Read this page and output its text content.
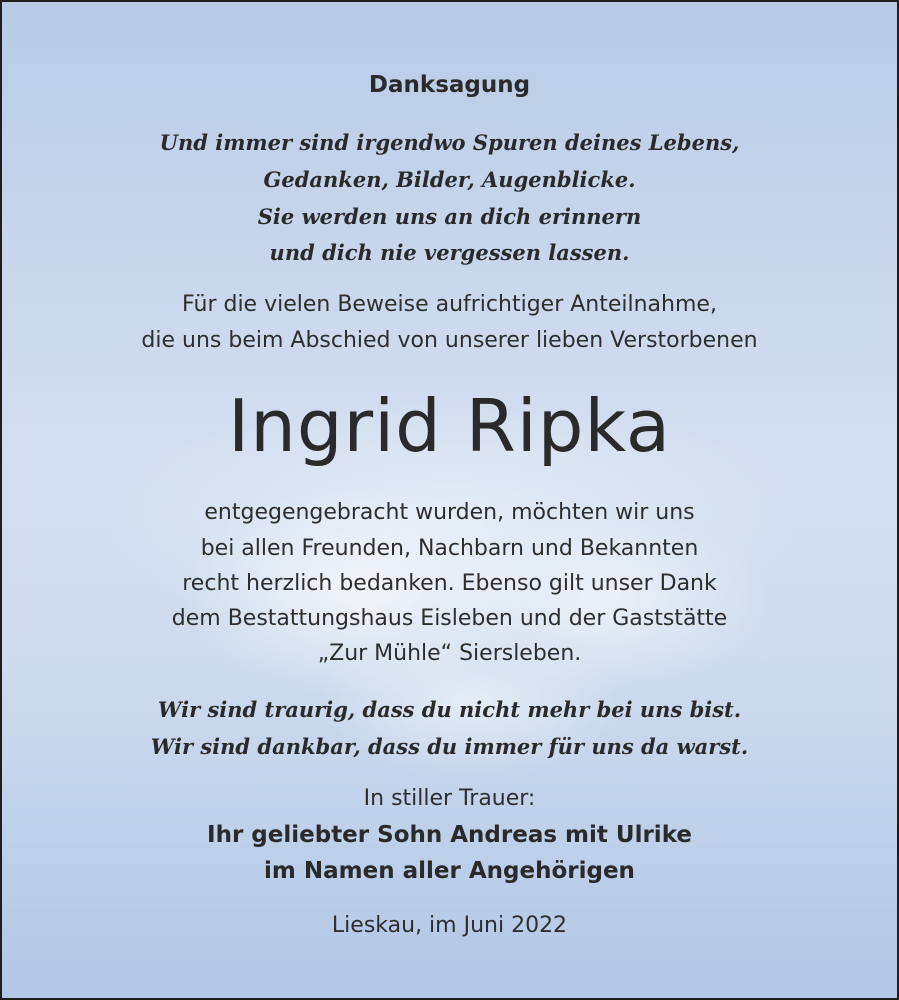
Danksagung
Und immer sind irgendwo Spuren deines Lebens,
Gedanken, Bilder, Augenblicke.
Sie werden uns an dich erinnern
und dich nie vergessen lassen.
Für die vielen Beweise aufrichtiger Anteilnahme,
die uns beim Abschied von unserer lieben Verstorbenen
Ingrid Ripka
entgegengebracht wurden, möchten wir uns
bei allen Freunden, Nachbarn und Bekannten
recht herzlich bedanken. Ebenso gilt unser Dank
dem Bestattungshaus Eisleben und der Gaststätte
„Zur Mühle“ Siersleben.
Wir sind traurig, dass du nicht mehr bei uns bist.
Wir sind dankbar, dass du immer für uns da warst.
In stiller Trauer:
Ihr geliebter Sohn Andreas mit Ulrike
im Namen aller Angehörigen
Lieskau, im Juni 2022
